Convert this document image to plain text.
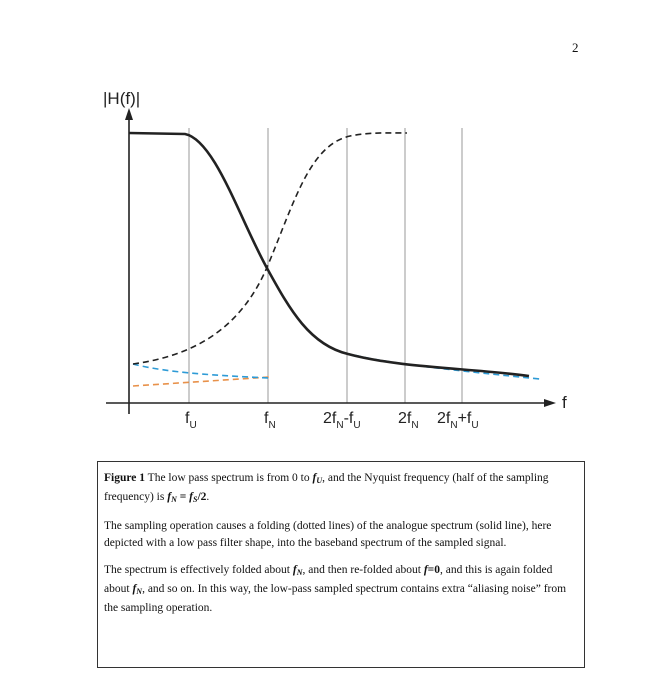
2
|H(f)|
f
$f_U$	$f_N$	$2f_N-f_U$ $2f_N$ $2f_N+f_U$

Figure 1 The low pass spectrum is from 0 to $f_U$, and the Nyquist frequency (half of the sampling frequency) is $f_N = f_S/2$.

The sampling operation causes a folding (dotted lines) of the analogue spectrum (solid line), here depicted with a low pass filter shape, into the baseband spectrum of the sampled signal.

The spectrum is effectively folded about $f_N$, and then re-folded about f=0, and this is again folded about $f_N$, and so on. In this way, the low-pass sampled spectrum contains extra “aliasing noise” from the sampling operation.
